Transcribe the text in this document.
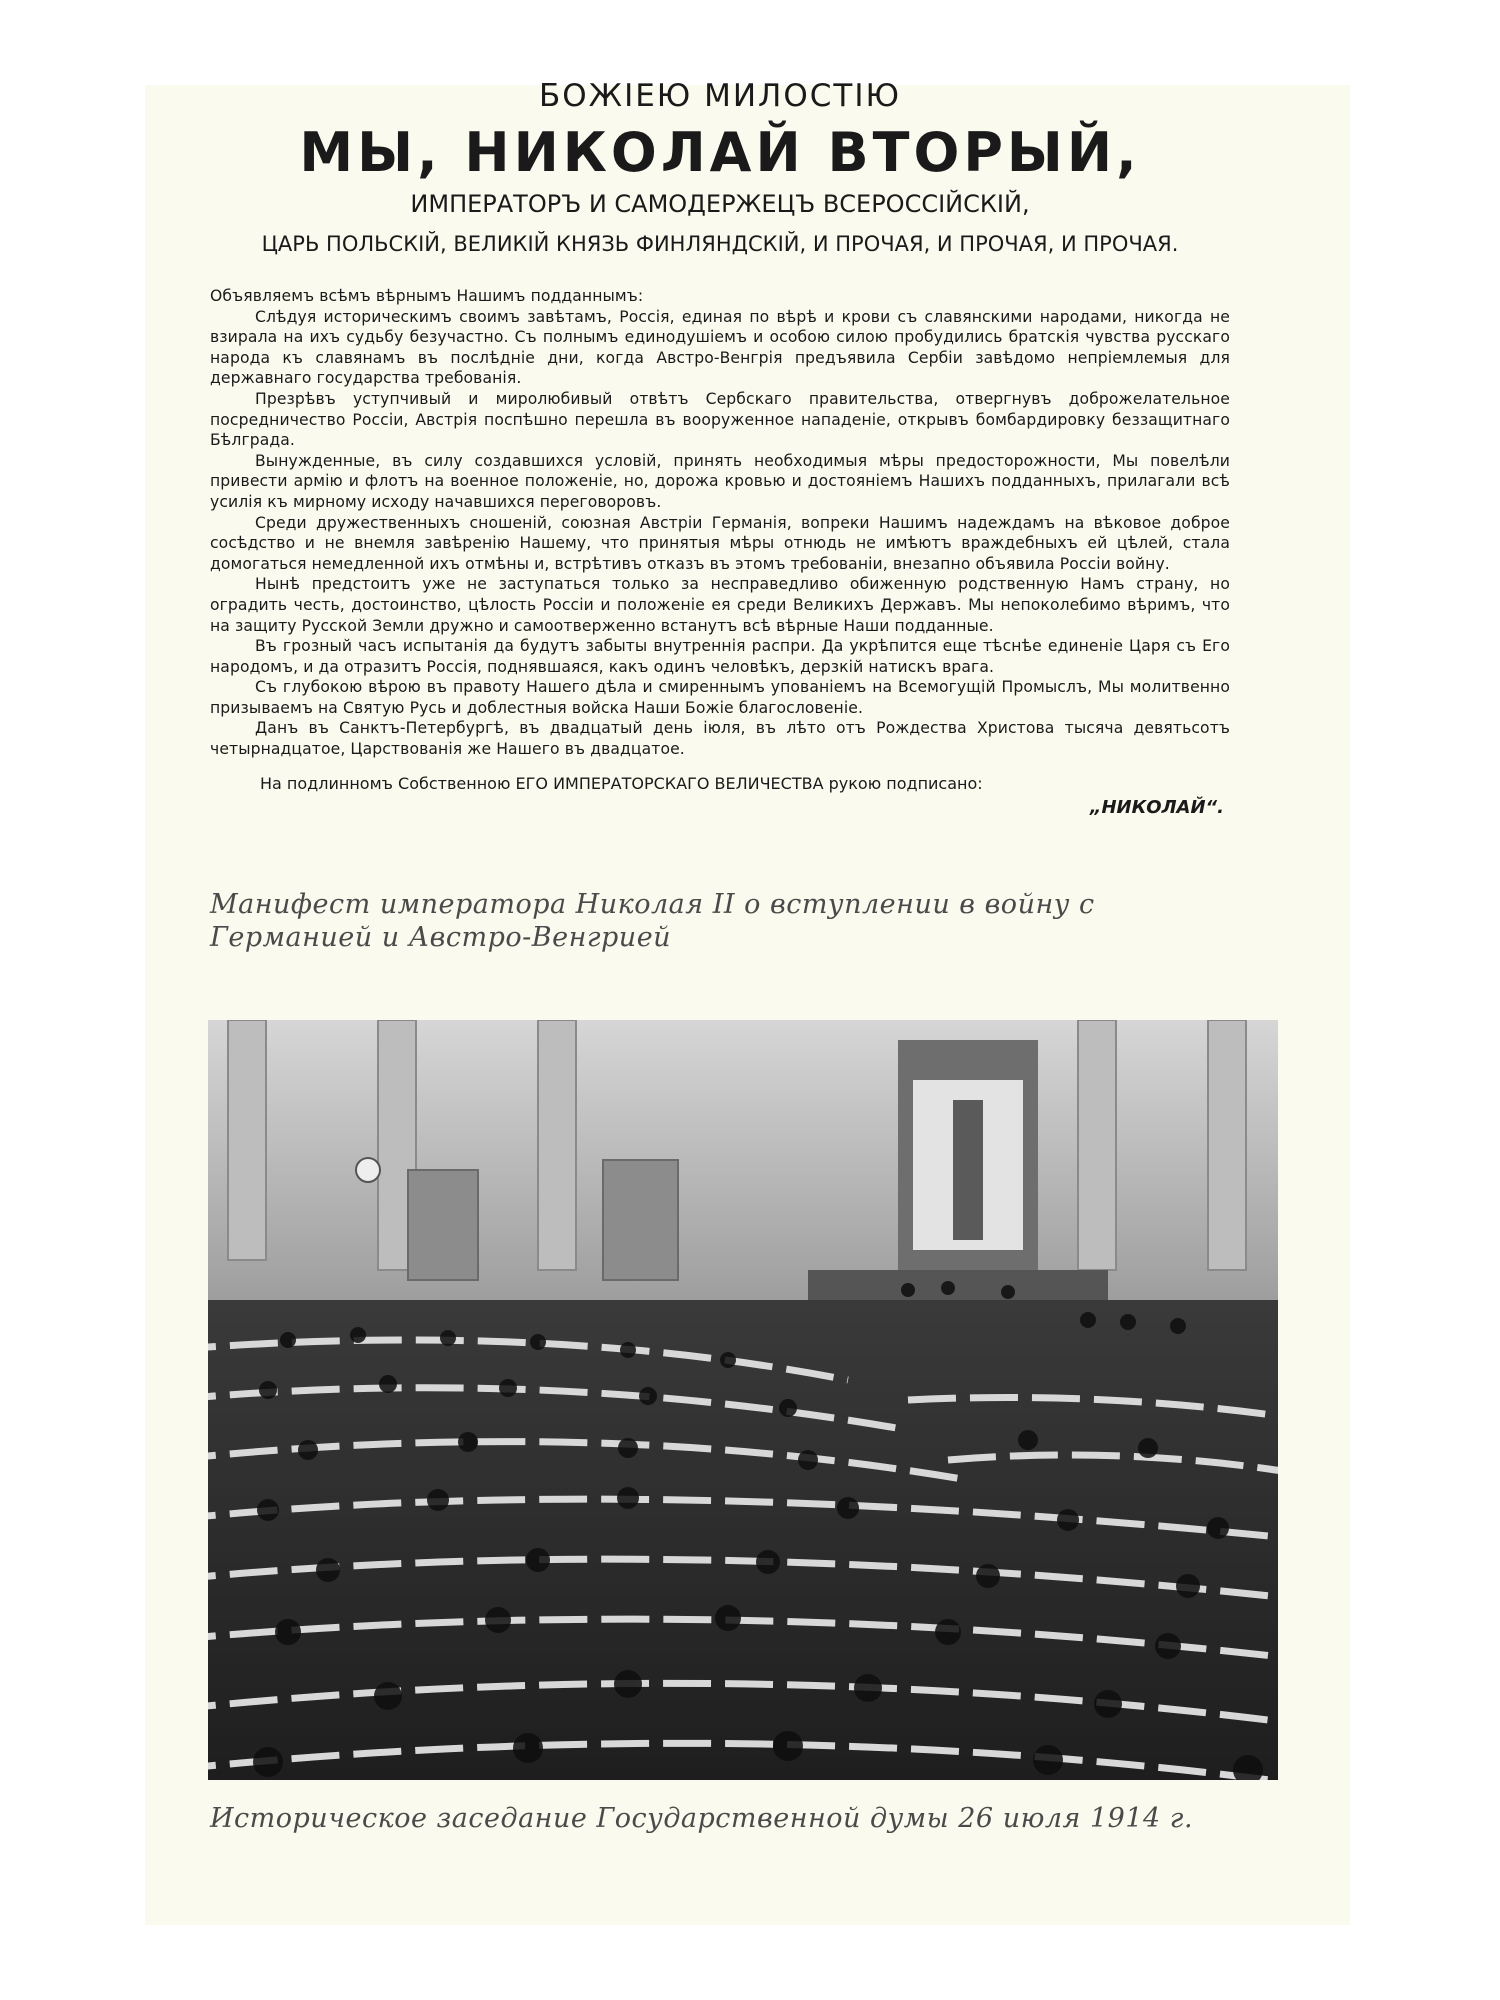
БОЖІЕЮ МИЛОСТІЮ
МЫ, НИКОЛАЙ ВТОРЫЙ,
ИМПЕРАТОРЪ И САМОДЕРЖЕЦЪ ВСЕРОССІЙСКІЙ,
ЦАРЬ ПОЛЬСКІЙ, ВЕЛИКІЙ КНЯЗЬ ФИНЛЯНДСКІЙ, И ПРОЧАЯ, И ПРОЧАЯ, И ПРОЧАЯ.

Объявляемъ всѣмъ вѣрнымъ Нашимъ подданнымъ:

Слѣдуя историческимъ своимъ завѣтамъ, Россія, единая по вѣрѣ и крови съ славянскими народами, никогда не взирала на ихъ судьбу безучастно. Съ полнымъ единодушіемъ и особою силою пробудились братскія чувства русскаго народа къ славянамъ въ послѣдніе дни, когда Австро-Венгрія предъявила Сербіи завѣдомо непріемлемыя для державнаго государства требованія.

Презрѣвъ уступчивый и миролюбивый отвѣтъ Сербскаго правительства, отвергнувъ доброжелательное посредничество Россіи, Австрія поспѣшно перешла въ вооруженное нападеніе, открывъ бомбардировку беззащитнаго Бѣлграда.

Вынужденные, въ силу создавшихся условій, принять необходимыя мѣры предосторожности, Мы повелѣли привести армію и флотъ на военное положеніе, но, дорожа кровью и достояніемъ Нашихъ подданныхъ, прилагали всѣ усилія къ мирному исходу начавшихся переговоровъ.

Среди дружественныхъ сношеній, союзная Австріи Германія, вопреки Нашимъ надеждамъ на вѣковое доброе сосѣдство и не внемля завѣренію Нашему, что принятыя мѣры отнюдь не имѣютъ враждебныхъ ей цѣлей, стала домогаться немедленной ихъ отмѣны и, встрѣтивъ отказъ въ этомъ требованіи, внезапно объявила Россіи войну.

Нынѣ предстоитъ уже не заступаться только за несправедливо обиженную родственную Намъ страну, но оградить честь, достоинство, цѣлость Россіи и положеніе ея среди Великихъ Державъ. Мы непоколебимо вѣримъ, что на защиту Русской Земли дружно и самоотверженно встанутъ всѣ вѣрные Наши подданные.

Въ грозный часъ испытанія да будутъ забыты внутреннія распри. Да укрѣпится еще тѣснѣе единеніе Царя съ Его народомъ, и да отразитъ Россія, поднявшаяся, какъ одинъ человѣкъ, дерзкій натискъ врага.

Съ глубокою вѣрою въ правоту Нашего дѣла и смиреннымъ упованіемъ на Всемогущій Промыслъ, Мы молитвенно призываемъ на Святую Русь и доблестныя войска Наши Божіе благословеніе.

Данъ въ Санктъ-Петербургѣ, въ двадцатый день іюля, въ лѣто отъ Рождества Христова тысяча девятьсотъ четырнадцатое, Царствованія же Нашего въ двадцатое.

На подлинномъ Собственною ЕГО ИМПЕРАТОРСКАГО ВЕЛИЧЕСТВА рукою подписано:
„НИКОЛАЙ“.
Манифест императора Николая II о вступлении в войну с Германией и Австро-Венгрией
Историческое заседание Государственной думы 26 июля 1914 г.
